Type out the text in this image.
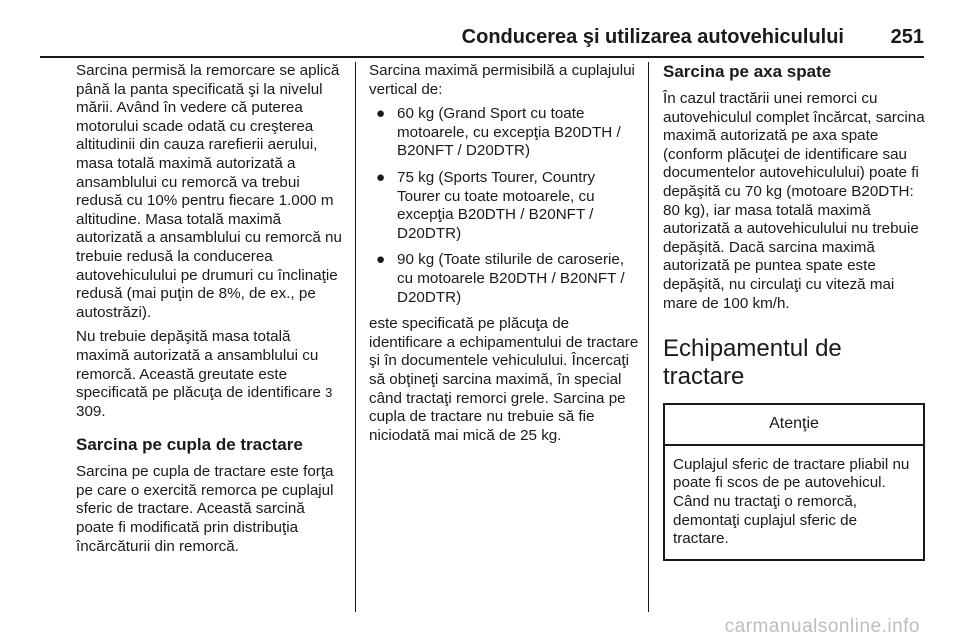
Conducerea şi utilizarea autovehiculului 251

Sarcina permisă la remorcare se aplică până la panta specificată şi la nivelul mării. Având în vedere că puterea motorului scade odată cu creşterea altitudinii din cauza rarefierii aerului, masa totală maximă autorizată a ansamblului cu remorcă va trebui redusă cu 10% pentru fiecare 1.000 m altitudine. Masa totală maximă autorizată a ansamblului cu remorcă nu trebuie redusă la conducerea autovehiculului pe drumuri cu înclinaţie redusă (mai puţin de 8%, de ex., pe autostrăzi).

Nu trebuie depăşită masa totală maximă autorizată a ansamblului cu remorcă. Această greutate este specificată pe plăcuţa de identificare 3 309.

Sarcina pe cupla de tractare

Sarcina pe cupla de tractare este forţa pe care o exercită remorca pe cuplajul sferic de tractare. Această sarcină poate fi modificată prin distribuţia încărcăturii din remorcă.

Sarcina maximă permisibilă a cuplajului vertical de:

● 60 kg (Grand Sport cu toate motoarele, cu excepţia B20DTH / B20NFT / D20DTR)
● 75 kg (Sports Tourer, Country Tourer cu toate motoarele, cu excepţia B20DTH / B20NFT / D20DTR)
● 90 kg (Toate stilurile de caroserie, cu motoarele B20DTH / B20NFT / D20DTR)

este specificată pe plăcuţa de identificare a echipamentului de tractare şi în documentele vehiculului. Încercaţi să obţineţi sarcina maximă, în special când tractaţi remorci grele. Sarcina pe cupla de tractare nu trebuie să fie niciodată mai mică de 25 kg.

Sarcina pe axa spate

În cazul tractării unei remorci cu autovehiculul complet încărcat, sarcina maximă autorizată pe axa spate (conform plăcuţei de identificare sau documentelor autovehiculului) poate fi depăşită cu 70 kg (motoare B20DTH: 80 kg), iar masa totală maximă autorizată a autovehiculului nu trebuie depăşită. Dacă sarcina maximă autorizată pe puntea spate este depăşită, nu circulaţi cu viteză mai mare de 100 km/h.

Echipamentul de tractare
Atenţie
Cuplajul sferic de tractare pliabil nu poate fi scos de pe autovehicul. Când nu tractaţi o remorcă, demontaţi cuplajul sferic de tractare.
carmanualsonline.info
